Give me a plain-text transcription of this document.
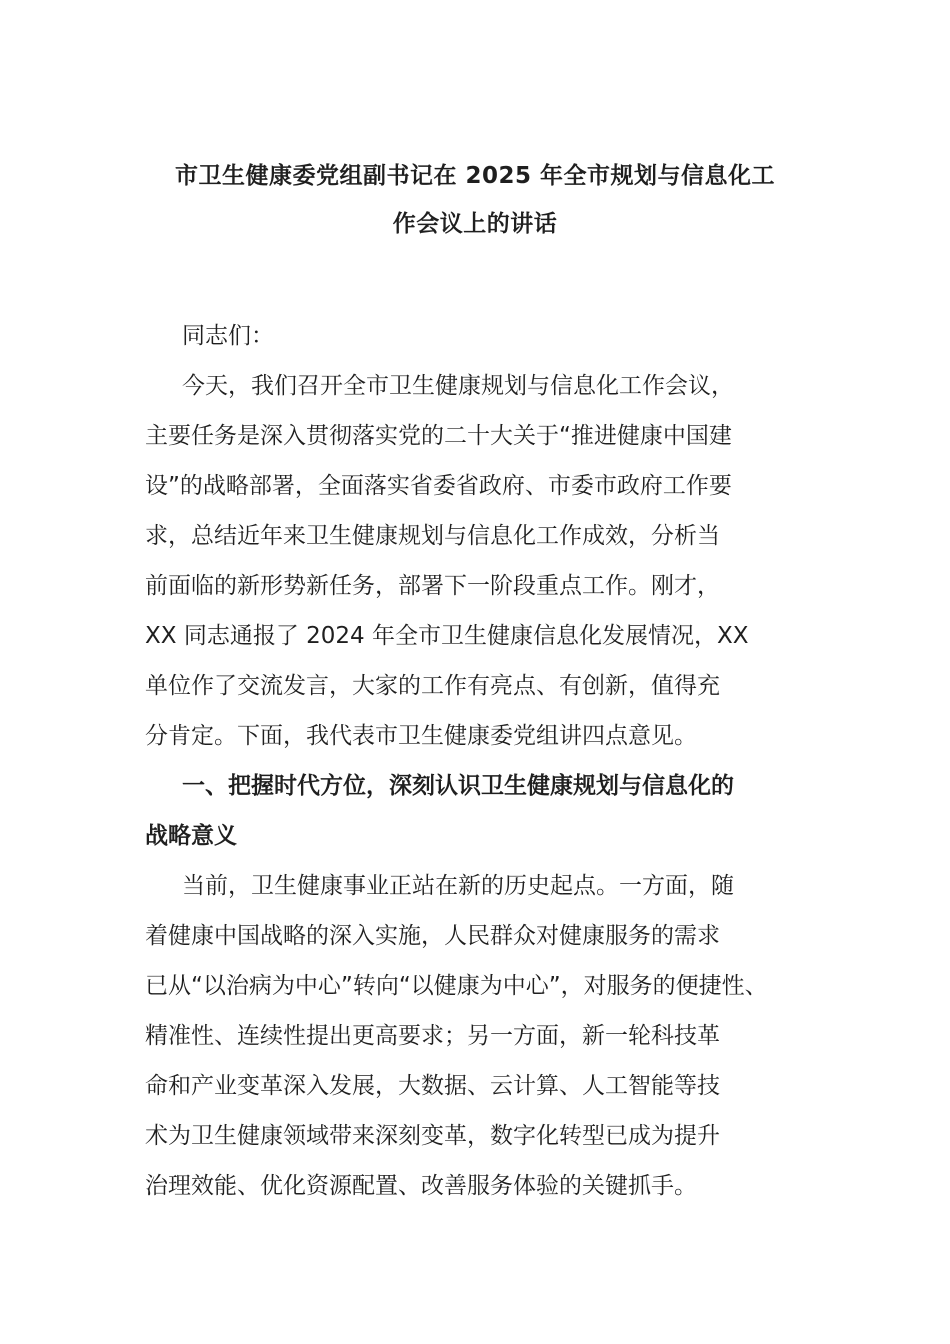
市卫生健康委党组副书记在 2025 年全市规划与信息化工
作会议上的讲话
同志们：
今天，我们召开全市卫生健康规划与信息化工作会议，
主要任务是深入贯彻落实党的二十大关于“推进健康中国建
设”的战略部署，全面落实省委省政府、市委市政府工作要
求，总结近年来卫生健康规划与信息化工作成效，分析当
前面临的新形势新任务，部署下一阶段重点工作。刚才，
XX 同志通报了 2024 年全市卫生健康信息化发展情况，XX
单位作了交流发言，大家的工作有亮点、有创新，值得充
分肯定。下面，我代表市卫生健康委党组讲四点意见。
一、把握时代方位，深刻认识卫生健康规划与信息化的
战略意义
当前，卫生健康事业正站在新的历史起点。一方面，随
着健康中国战略的深入实施，人民群众对健康服务的需求
已从“以治病为中心”转向“以健康为中心”，对服务的便捷性、
精准性、连续性提出更高要求；另一方面，新一轮科技革
命和产业变革深入发展，大数据、云计算、人工智能等技
术为卫生健康领域带来深刻变革，数字化转型已成为提升
治理效能、优化资源配置、改善服务体验的关键抓手。
